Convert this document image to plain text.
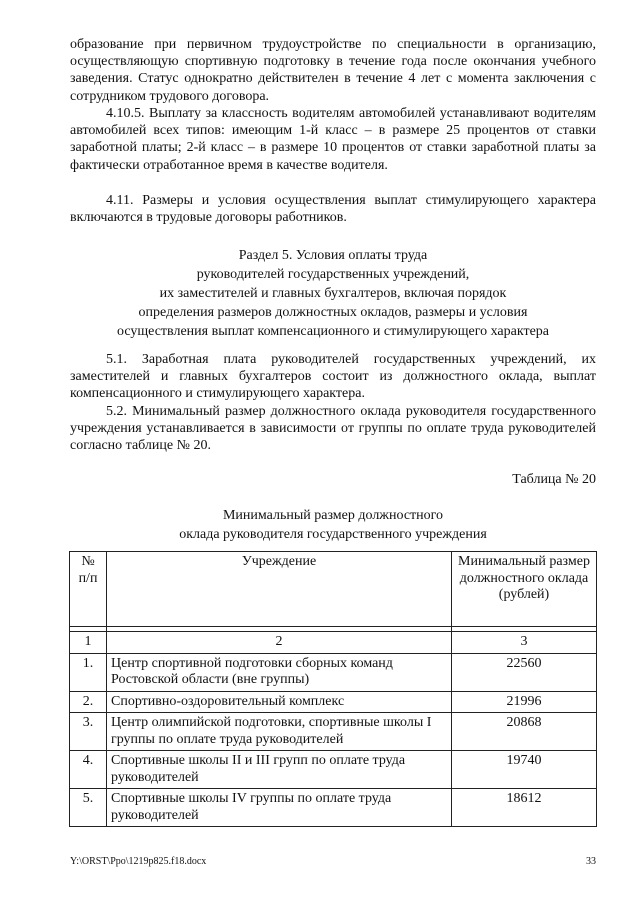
образование при первичном трудоустройстве по специальности в организацию, осуществляющую спортивную подготовку в течение года после окончания учебного заведения. Статус однократно действителен в течение 4 лет с момента заключения с сотрудником трудового договора.

4.10.5. Выплату за классность водителям автомобилей устанавливают водителям автомобилей всех типов: имеющим 1-й класс – в размере 25 процентов от ставки заработной платы; 2-й класс – в размере 10 процентов от ставки заработной платы за фактически отработанное время в качестве водителя.

4.11. Размеры и условия осуществления выплат стимулирующего характера включаются в трудовые договоры работников.

Раздел 5. Условия оплаты труда
руководителей государственных учреждений,
их заместителей и главных бухгалтеров, включая порядок
определения размеров должностных окладов, размеры и условия
осуществления выплат компенсационного и стимулирующего характера

5.1. Заработная плата руководителей государственных учреждений, их заместителей и главных бухгалтеров состоит из должностного оклада, выплат компенсационного и стимулирующего характера.

5.2. Минимальный размер должностного оклада руководителя государственного учреждения устанавливается в зависимости от группы по оплате труда руководителей согласно таблице № 20.

Таблица № 20
Минимальный размер должностного
оклада руководителя государственного учреждения
№ п/п	Учреждение	Минимальный размер должностного оклада (рублей)

1	2	3
1.	Центр спортивной подготовки сборных команд Ростовской области (вне группы)	22560
2.	Спортивно-оздоровительный комплекс	21996
3.	Центр олимпийской подготовки, спортивные школы I группы по оплате труда руководителей	20868
4.	Спортивные школы II и III групп по оплате труда руководителей	19740
5.	Спортивные школы IV группы по оплате труда руководителей	18612
Y:\ORST\Ppo\1219p825.f18.docx	33
